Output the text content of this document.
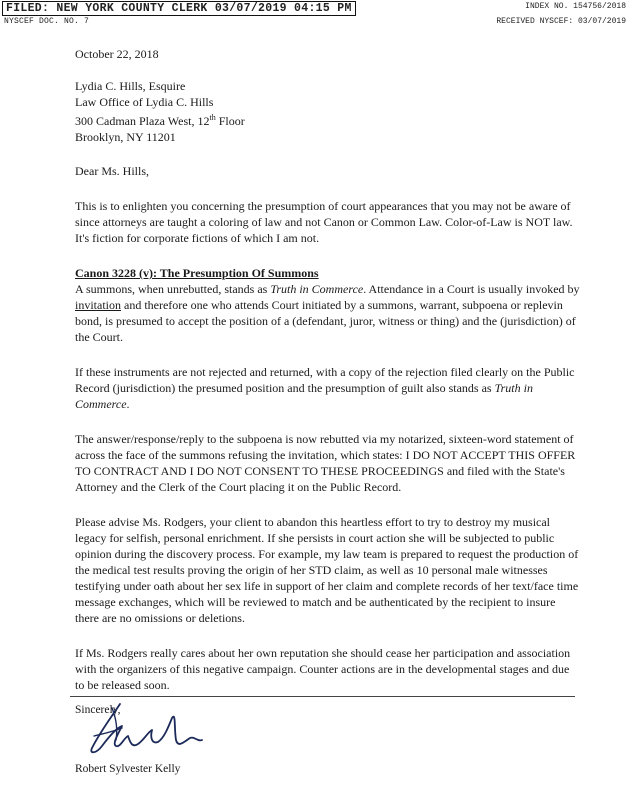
FILED: NEW YORK COUNTY CLERK 03/07/2019 04:15 PM
NYSCEF DOC. NO. 7
INDEX NO. 154756/2018
RECEIVED NYSCEF: 03/07/2019
October 22, 2018
Lydia C. Hills, Esquire
Law Office of Lydia C. Hills
300 Cadman Plaza West, 12th Floor
Brooklyn, NY 11201
Dear Ms. Hills,

This is to enlighten you concerning the presumption of court appearances that you may not be aware of since attorneys are taught a coloring of law and not Canon or Common Law. Color-of-Law is NOT law. It's fiction for corporate fictions of which I am not.

Canon 3228 (v): The Presumption Of Summons

A summons, when unrebutted, stands as Truth in Commerce. Attendance in a Court is usually invoked by invitation and therefore one who attends Court initiated by a summons, warrant, subpoena or replevin bond, is presumed to accept the position of a (defendant, juror, witness or thing) and the (jurisdiction) of the Court.

If these instruments are not rejected and returned, with a copy of the rejection filed clearly on the Public Record (jurisdiction) the presumed position and the presumption of guilt also stands as Truth in Commerce.

The answer/response/reply to the subpoena is now rebutted via my notarized, sixteen-word statement of across the face of the summons refusing the invitation, which states: I DO NOT ACCEPT THIS OFFER TO CONTRACT AND I DO NOT CONSENT TO THESE PROCEEDINGS and filed with the State's Attorney and the Clerk of the Court placing it on the Public Record.

Please advise Ms. Rodgers, your client to abandon this heartless effort to try to destroy my musical legacy for selfish, personal enrichment. If she persists in court action she will be subjected to public opinion during the discovery process. For example, my law team is prepared to request the production of the medical test results proving the origin of her STD claim, as well as 10 personal male witnesses testifying under oath about her sex life in support of her claim and complete records of her text/face time message exchanges, which will be reviewed to match and be authenticated by the recipient to insure there are no omissions or deletions.

If Ms. Rodgers really cares about her own reputation she should cease her participation and association with the organizers of this negative campaign. Counter actions are in the developmental stages and due to be released soon.

Sincerely,
Robert Sylvester Kelly
